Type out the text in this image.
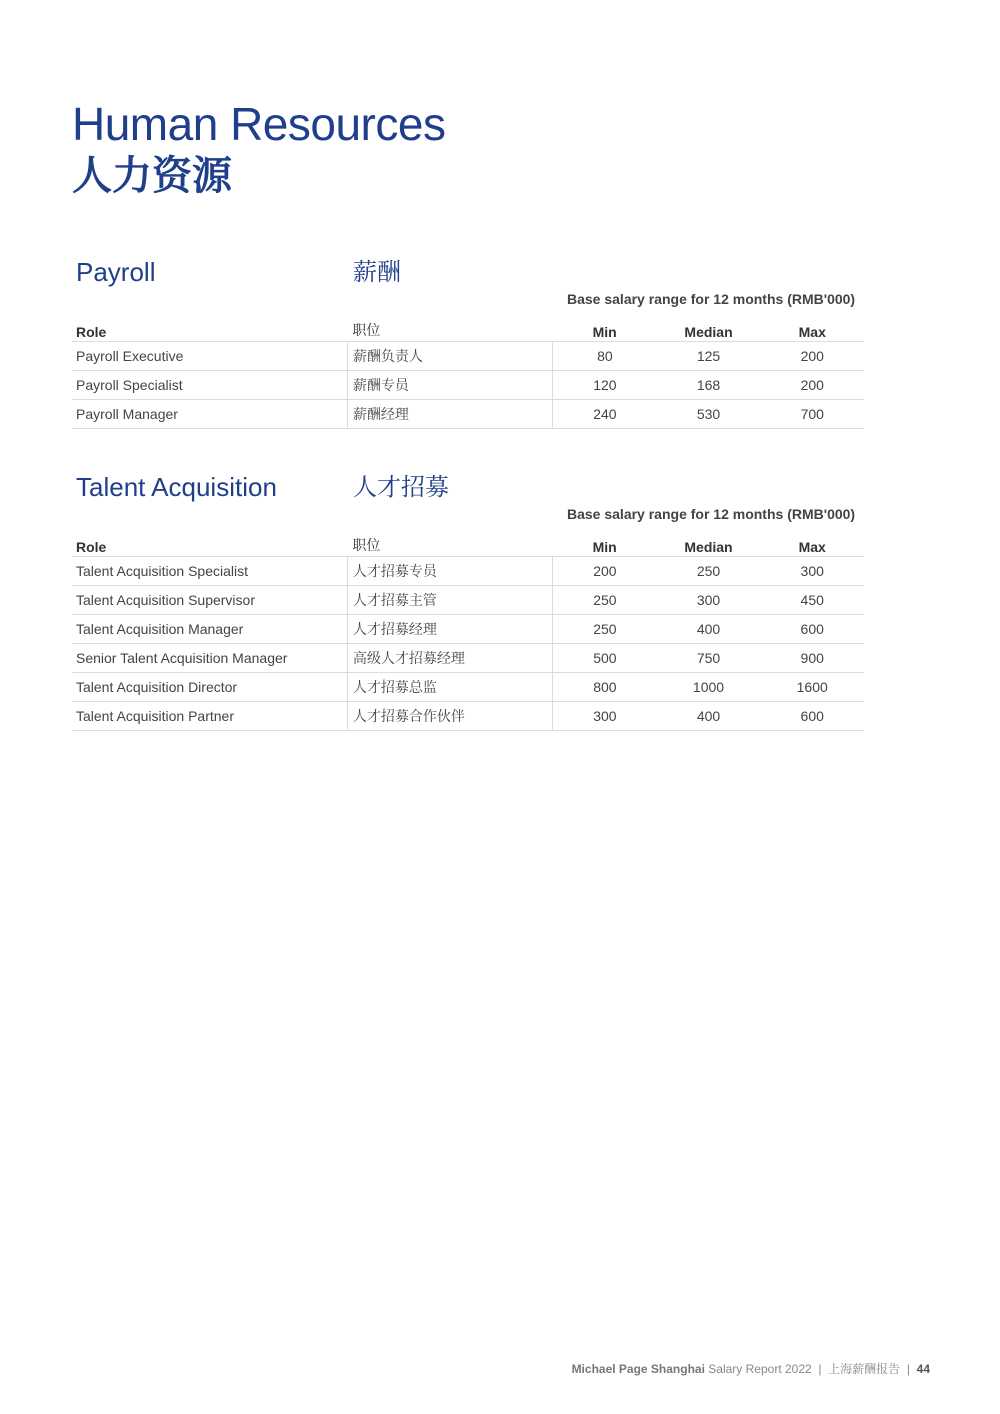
Human Resources
人力资源
Payroll	薪酬
Base salary range for 12 months (RMB'000)
Role	职位	Min	Median	Max
Payroll Executive	薪酬负责人	80	125	200
Payroll Specialist	薪酬专员	120	168	200
Payroll Manager	薪酬经理	240	530	700
Talent Acquisition	人才招募
Base salary range for 12 months (RMB'000)
Role	职位	Min	Median	Max
Talent Acquisition Specialist	人才招募专员	200	250	300
Talent Acquisition Supervisor	人才招募主管	250	300	450
Talent Acquisition Manager	人才招募经理	250	400	600
Senior Talent Acquisition Manager	高级人才招募经理	500	750	900
Talent Acquisition Director	人才招募总监	800	1000	1600
Talent Acquisition Partner	人才招募合作伙伴	300	400	600
Michael Page Shanghai Salary Report 2022 | 上海薪酬报告 | 44
